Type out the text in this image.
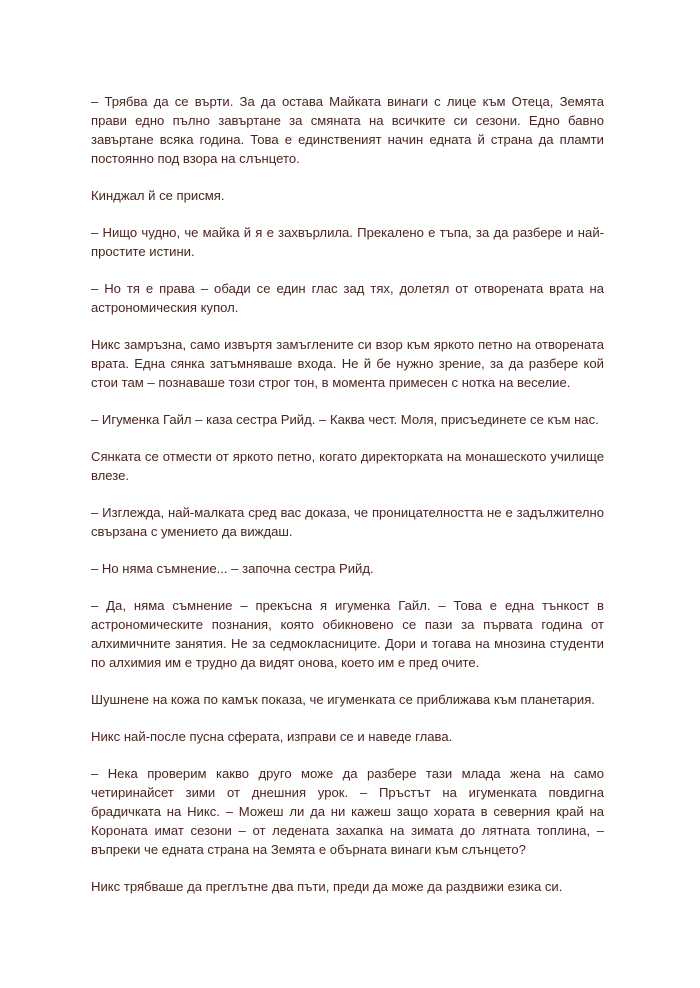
– Трябва да се върти. За да остава Майката винаги с лице към Отеца, Земята прави едно пълно завъртане за смяната на всичките си сезони. Едно бавно завъртане всяка година. Това е единственият начин едната й страна да пламти постоянно под взора на слънцето.

Кинджал й се присмя.

– Нищо чудно, че майка й я е захвърлила. Прекалено е тъпа, за да разбере и най-простите истини.

– Но тя е права – обади се един глас зад тях, долетял от отворената врата на астрономическия купол.

Никс замръзна, само извъртя замъглените си взор към яркото петно на отворената врата. Една сянка затъмняваше входа. Не й бе нужно зрение, за да разбере кой стои там – познаваше този строг тон, в момента примесен с нотка на веселие.

– Игуменка Гайл – каза сестра Рийд. – Каква чест. Моля, присъединете се към нас.

Сянката се отмести от яркото петно, когато директорката на монашеското училище влезе.

– Изглежда, най-малката сред вас доказа, че проницателността не е задължително свързана с умението да виждаш.

– Но няма съмнение... – започна сестра Рийд.

– Да, няма съмнение – прекъсна я игуменка Гайл. – Това е една тънкост в астрономическите познания, която обикновено се пази за първата година от алхимичните занятия. Не за седмокласниците. Дори и тогава на мнозина студенти по алхимия им е трудно да видят онова, което им е пред очите.

Шушнене на кожа по камък показа, че игуменката се приближава към планетария.

Никс най-после пусна сферата, изправи се и наведе глава.

– Нека проверим какво друго може да разбере тази млада жена на само четиринайсет зими от днешния урок. – Пръстът на игуменката повдигна брадичката на Никс. – Можеш ли да ни кажеш защо хората в северния край на Короната имат сезони – от ледената захапка на зимата до лятната топлина, – въпреки че едната страна на Земята е обърната винаги към слънцето?

Никс трябваше да преглътне два пъти, преди да може да раздвижи езика си.
